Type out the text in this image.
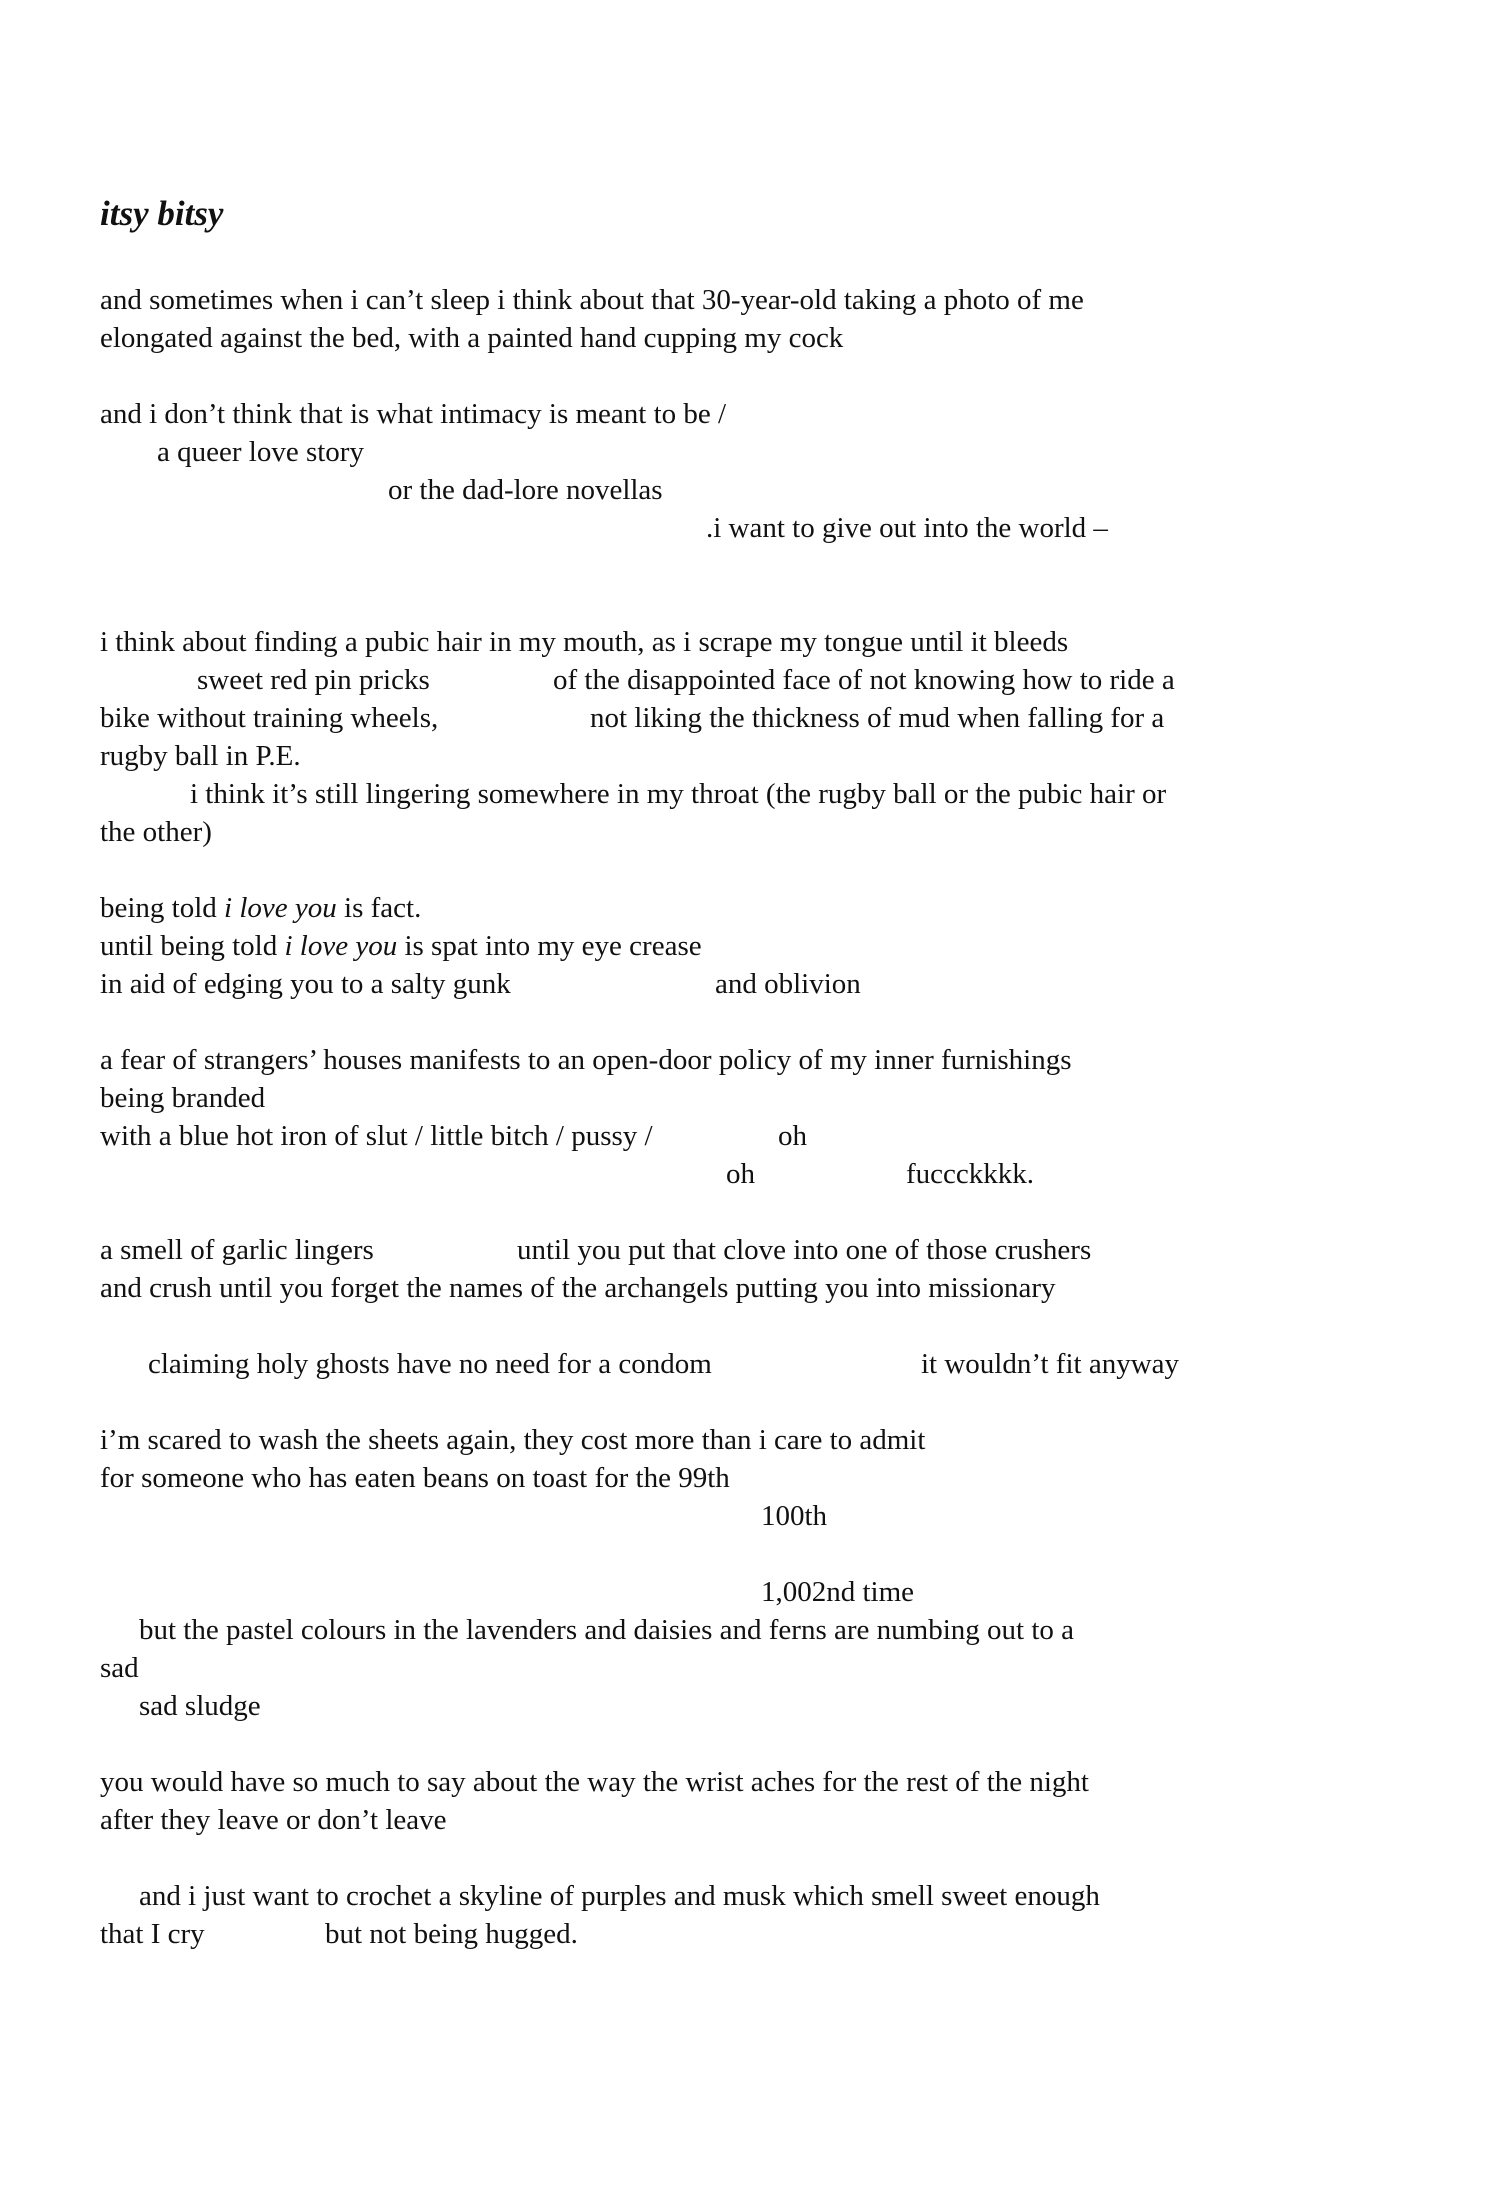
itsy bitsy

and sometimes when i can’t sleep i think about that 30-year-old taking a photo of me

elongated against the bed, with a painted hand cupping my cock

and i don’t think that is what intimacy is meant to be /

a queer love story

or the dad-lore novellas

.i want to give out into the world –

i think about finding a pubic hair in my mouth, as i scrape my tongue until it bleeds

sweet red pin pricks	of the disappointed face of not knowing how to ride a

bike without training wheels,	not liking the thickness of mud when falling for a

rugby ball in P.E.

i think it’s still lingering somewhere in my throat (the rugby ball or the pubic hair or

the other)

being told i love you is fact.

until being told i love you is spat into my eye crease

in aid of edging you to a salty gunk	and oblivion

a fear of strangers’ houses manifests to an open-door policy of my inner furnishings

being branded

with a blue hot iron of slut / little bitch / pussy /	oh

oh	fuccckkkk.

a smell of garlic lingers	until you put that clove into one of those crushers

and crush until you forget the names of the archangels putting you into missionary

claiming holy ghosts have no need for a condom	it wouldn’t fit anyway

i’m scared to wash the sheets again, they cost more than i care to admit

for someone who has eaten beans on toast for the 99th

100th

1,002nd time

but the pastel colours in the lavenders and daisies and ferns are numbing out to a

sad

sad sludge

you would have so much to say about the way the wrist aches for the rest of the night

after they leave or don’t leave

and i just want to crochet a skyline of purples and musk which smell sweet enough

that I cry	but not being hugged.
